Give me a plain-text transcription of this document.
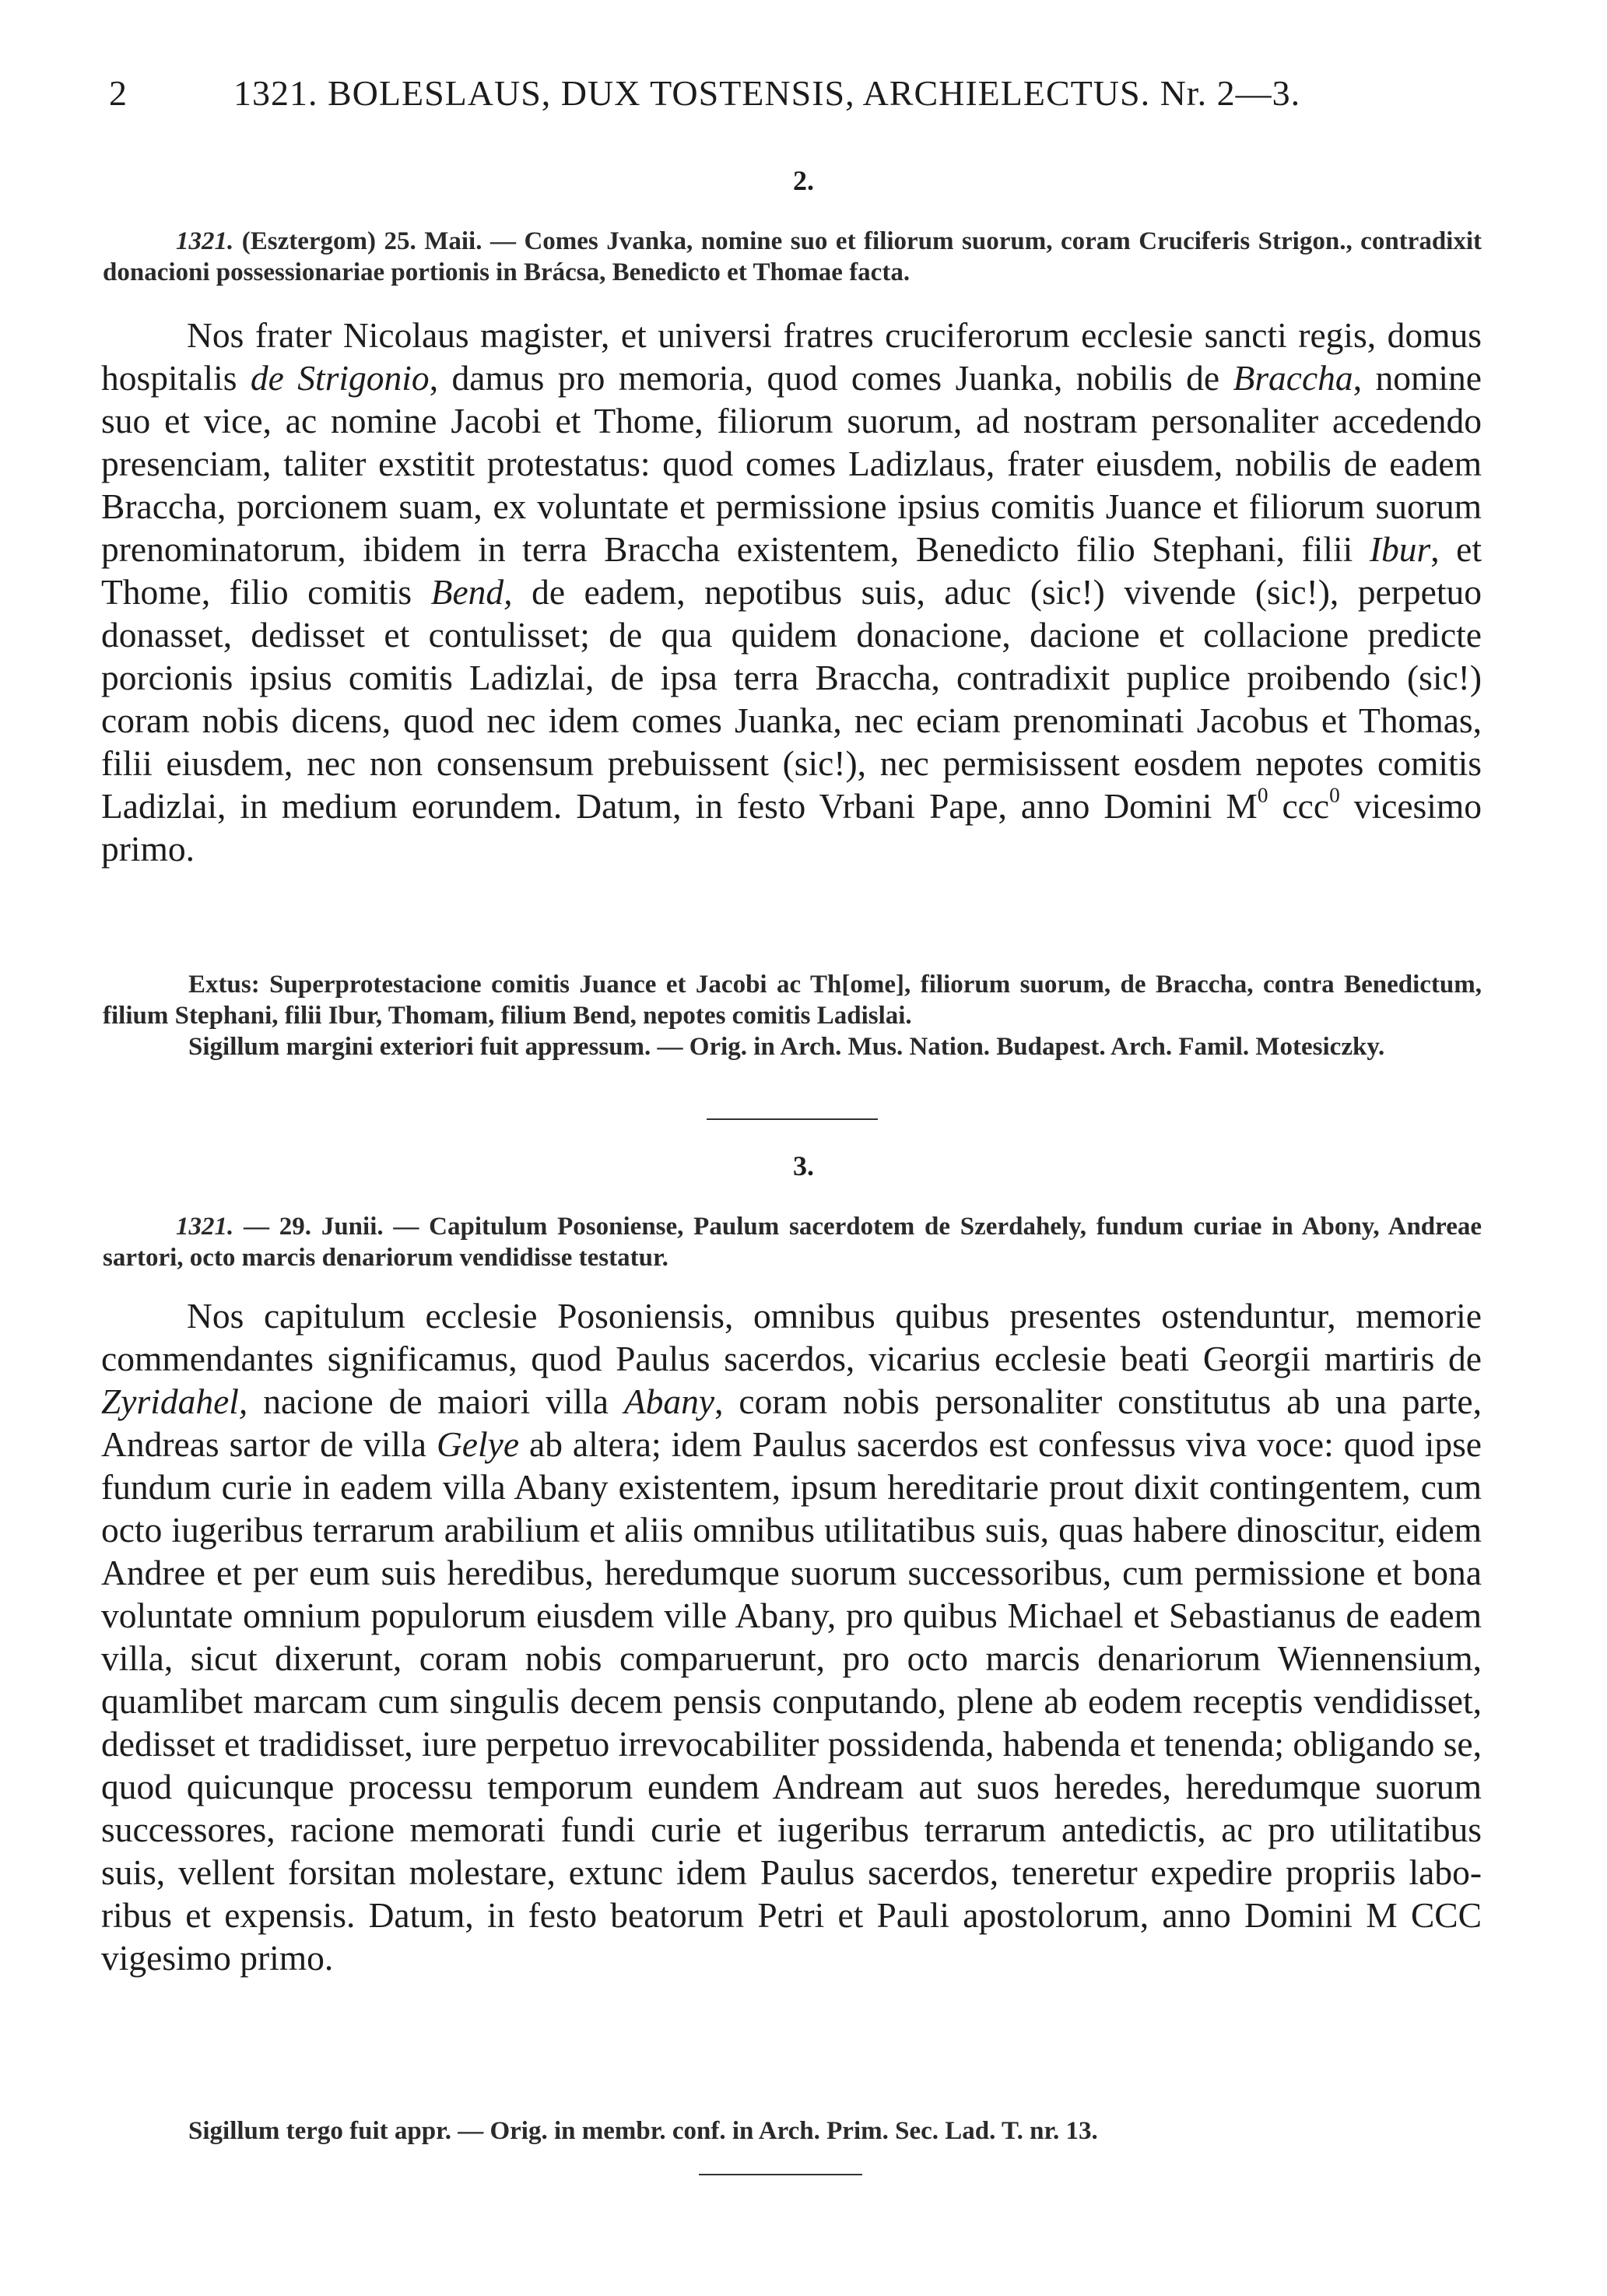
2	1321. BOLESLAUS, DUX TOSTENSIS, ARCHIELECTUS. Nr. 2—3.
2.
1321. (Esztergom) 25. Maii. — Comes Jvanka, nomine suo et filiorum suorum, coram Cruciferis Strigon., contradixit donacioni possessionariae portionis in Brácsa, Benedicto et Thomae facta.
Nos frater Nicolaus magister, et universi fratres cruciferorum ecclesie sancti regis, domus hospitalis de Strigonio, damus pro memoria, quod comes Juanka, nobilis de Braccha, nomine suo et vice, ac nomine Jacobi et Thome, filiorum suorum, ad nostram personaliter accedendo presenciam, taliter exstitit protestatus: quod comes Ladizlaus, frater eiusdem, nobilis de eadem Braccha, porcionem suam, ex voluntate et permissione ipsius comitis Juance et filiorum suorum prenominatorum, ibidem in terra Braccha existentem, Benedicto filio Stephani, filii Ibur, et Thome, filio comitis Bend, de eadem, nepotibus suis, aduc (sic!) vivende (sic!), perpetuo donasset, dedisset et contulisset; de qua quidem donacione, dacione et collacione predicte porcionis ipsius comitis Ladizlai, de ipsa terra Braccha, contradixit puplice proibendo (sic!) coram nobis dicens, quod nec idem comes Juanka, nec eciam prenominati Jacobus et Thomas, filii eiusdem, nec non consensum prebuissent (sic!), nec permisissent eosdem nepotes comitis Ladizlai, in medium eorundem. Datum, in festo Vrbani Pape, anno Domini $M^0$ ccc$^0$ vicesimo primo.

Extus: Superprotestacione comitis Juance et Jacobi ac Th[ome], filiorum suorum, de Braccha, contra Benedictum, filium Stephani, filii Ibur, Thomam, filium Bend, nepotes comitis Ladislai.

Sigillum margini exteriori fuit appressum. — Orig. in Arch. Mus. Nation. Budapest. Arch. Famil. Motesiczky.

3.
1321. — 29. Junii. — Capitulum Posoniense, Paulum sacerdotem de Szerdahely, fundum curiae in Abony, Andreae sartori, octo marcis denariorum vendidisse testatur.
Nos capitulum ecclesie Posoniensis, omnibus quibus presentes ostenduntur, memorie commendantes significamus, quod Paulus sacerdos, vicarius ecclesie beati Georgii martiris de Zyridahel, nacione de maiori villa Abany, coram nobis personaliter constitutus ab una parte, Andreas sartor de villa Gelye ab altera; idem Paulus sacerdos est confessus viva voce: quod ipse fundum curie in eadem villa Abany existentem, ipsum hereditarie prout dixit contingentem, cum octo iugeribus terrarum arabilium et aliis omnibus utilitatibus suis, quas habere dinoscitur, eidem Andree et per eum suis heredibus, heredumque suorum successoribus, cum permissione et bona voluntate omnium populorum eiusdem ville Abany, pro quibus Michael et Sebastianus de eadem villa, sicut dixerunt, coram nobis comparuerunt, pro octo marcis denariorum Wiennensium, quamlibet marcam cum singulis decem pensis conputando, plene ab eodem receptis vendidisset, dedisset et tradidisset, iure perpetuo irrevocabiliter possidenda, habenda et tenenda; obligando se, quod quicunque processu temporum eundem Andream aut suos heredes, heredumque suorum successores, racione memorati fundi curie et iugeribus terrarum antedictis, ac pro utilitatibus suis, vellent forsitan molestare, extunc idem Paulus sacerdos, teneretur expedire propriis laboribus et expensis. Datum, in festo beatorum Petri et Pauli apostolorum, anno Domini M CCC vigesimo primo.
Sigillum tergo fuit appr. — Orig. in membr. conf. in Arch. Prim. Sec. Lad. T. nr. 13.
